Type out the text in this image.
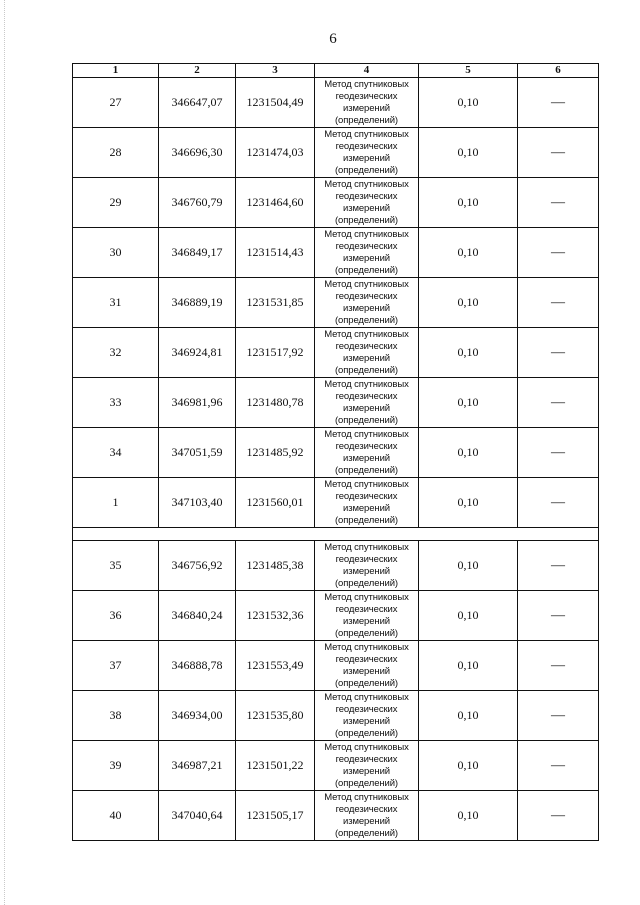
6
1	2	3	4	5	6
27	346647,07	1231504,49	Метод спутниковых
геодезических
измерений
(определений)	0,10	—
28	346696,30	1231474,03	Метод спутниковых
геодезических
измерений
(определений)	0,10	—
29	346760,79	1231464,60	Метод спутниковых
геодезических
измерений
(определений)	0,10	—
30	346849,17	1231514,43	Метод спутниковых
геодезических
измерений
(определений)	0,10	—
31	346889,19	1231531,85	Метод спутниковых
геодезических
измерений
(определений)	0,10	—
32	346924,81	1231517,92	Метод спутниковых
геодезических
измерений
(определений)	0,10	—
33	346981,96	1231480,78	Метод спутниковых
геодезических
измерений
(определений)	0,10	—
34	347051,59	1231485,92	Метод спутниковых
геодезических
измерений
(определений)	0,10	—
1	347103,40	1231560,01	Метод спутниковых
геодезических
измерений
(определений)	0,10	—

35	346756,92	1231485,38	Метод спутниковых
геодезических
измерений
(определений)	0,10	—
36	346840,24	1231532,36	Метод спутниковых
геодезических
измерений
(определений)	0,10	—
37	346888,78	1231553,49	Метод спутниковых
геодезических
измерений
(определений)	0,10	—
38	346934,00	1231535,80	Метод спутниковых
геодезических
измерений
(определений)	0,10	—
39	346987,21	1231501,22	Метод спутниковых
геодезических
измерений
(определений)	0,10	—
40	347040,64	1231505,17	Метод спутниковых
геодезических
измерений
(определений)	0,10	—
